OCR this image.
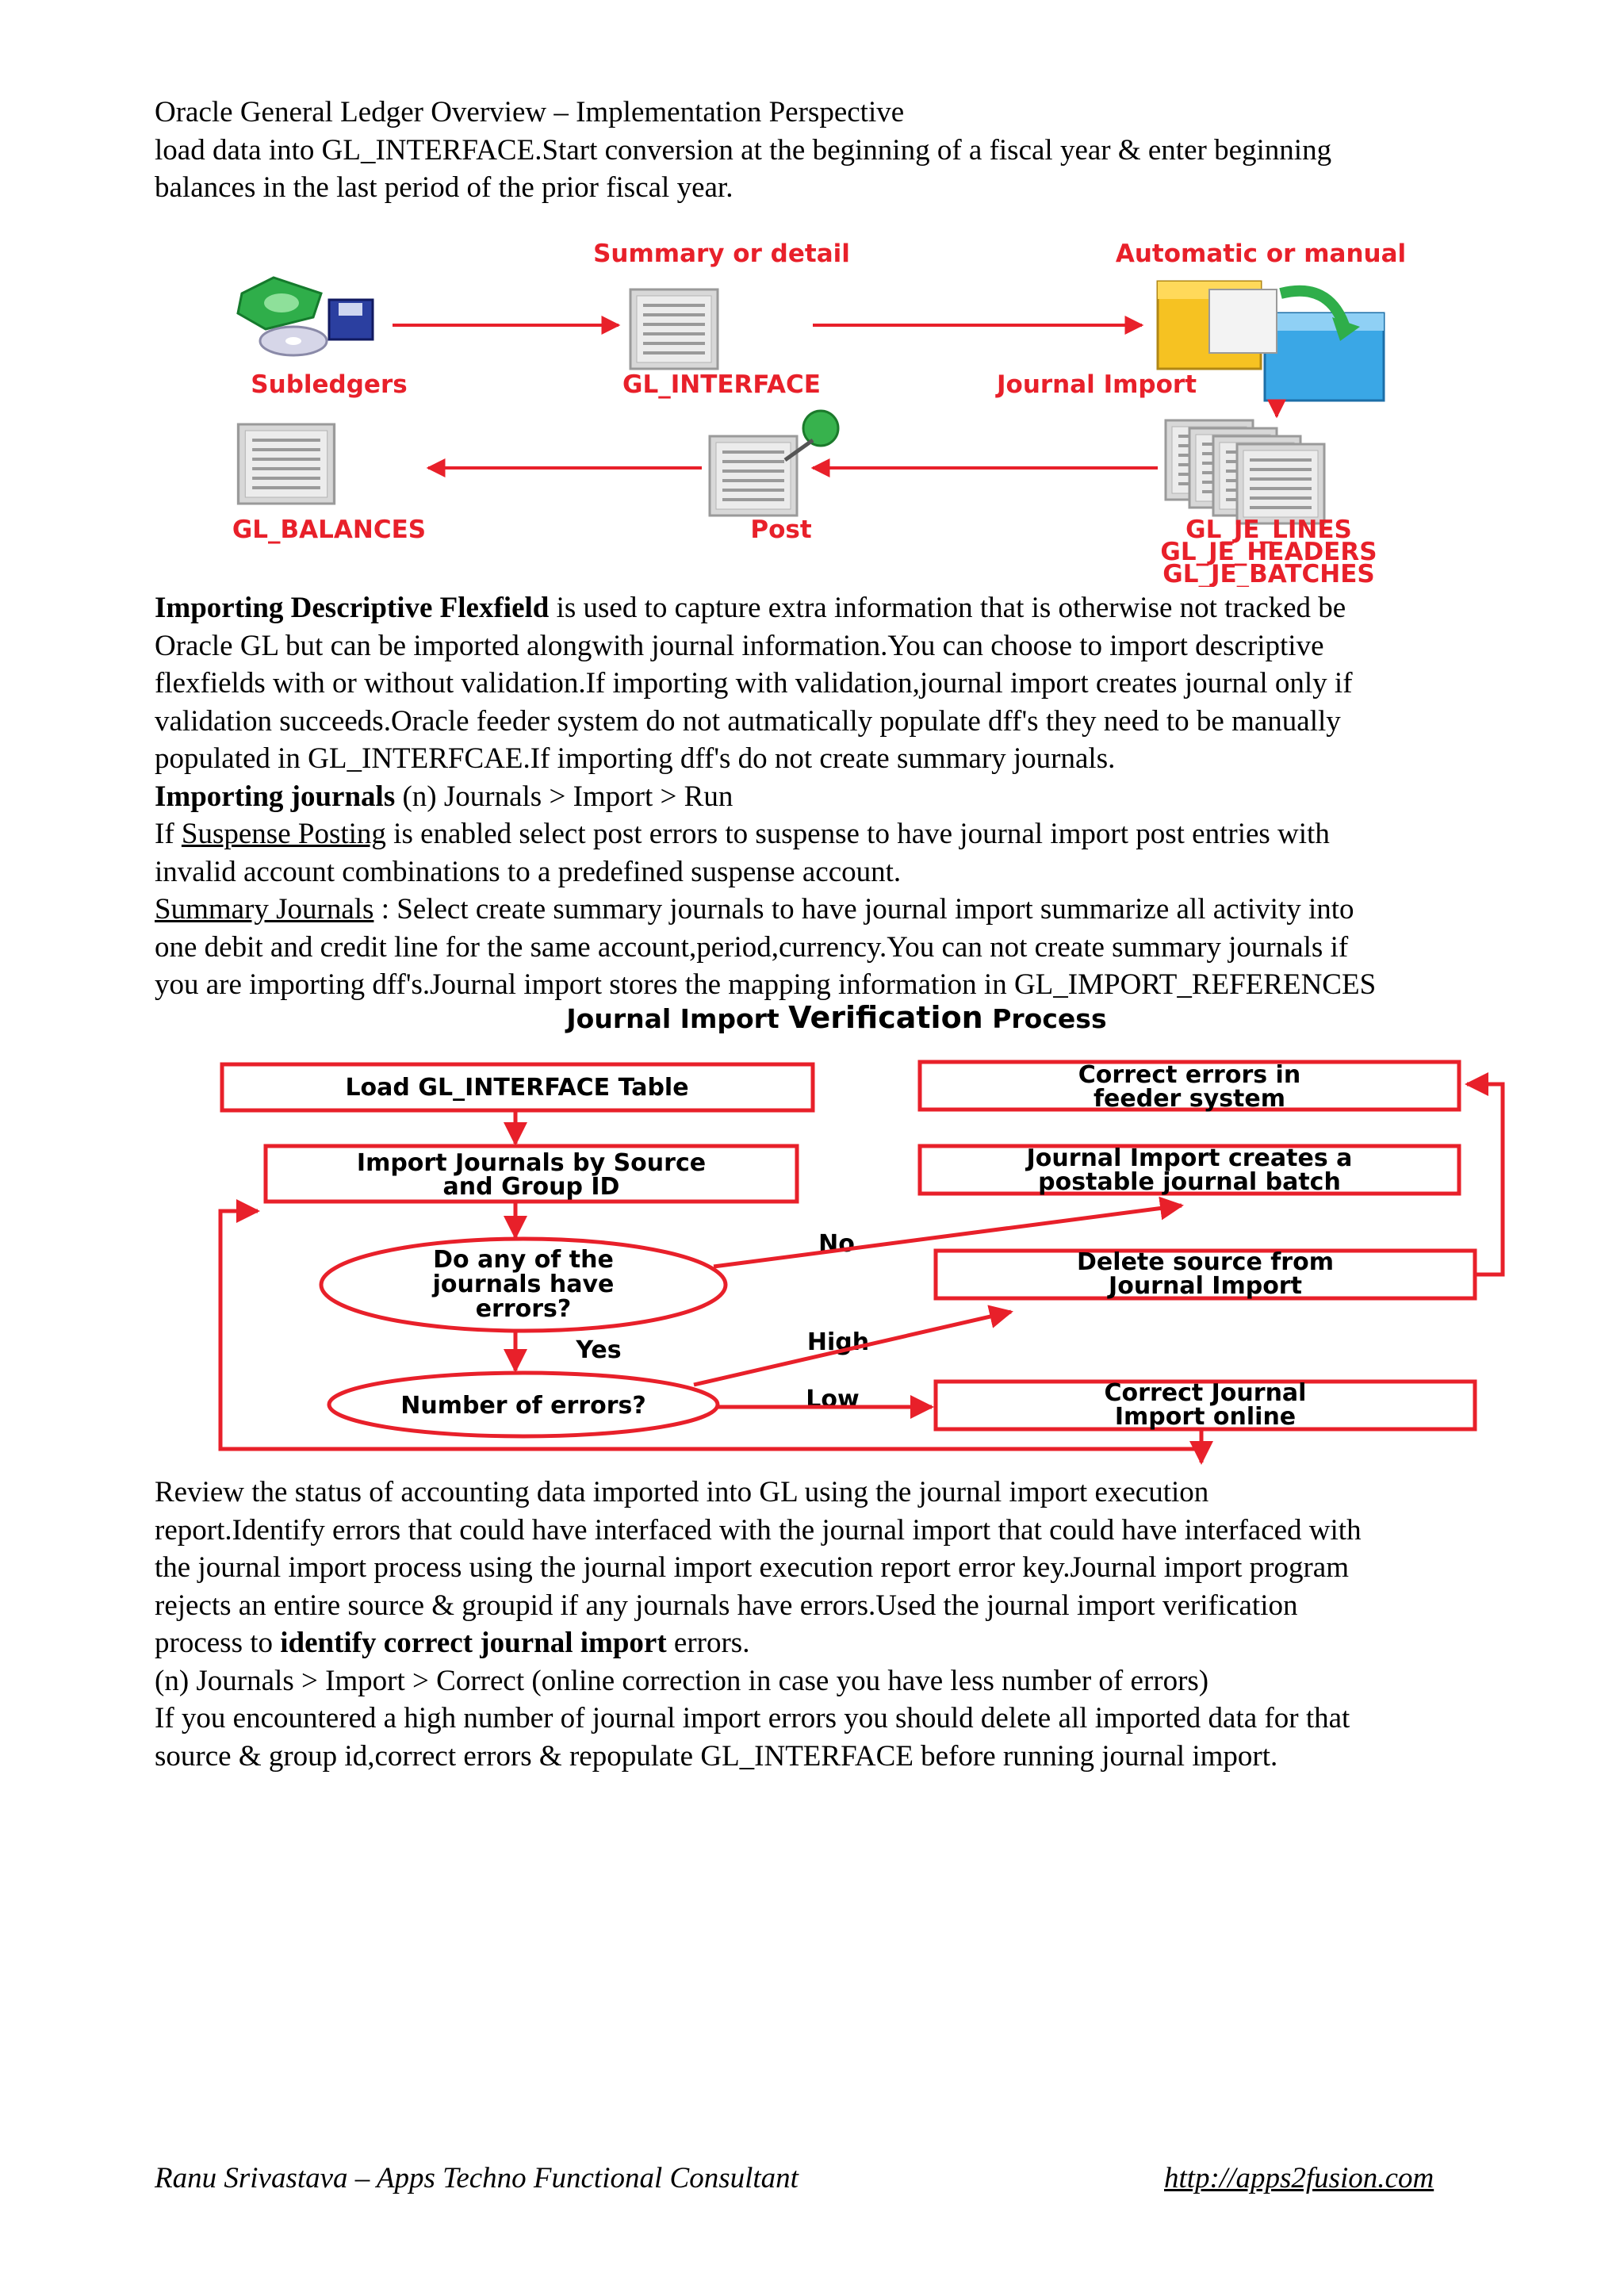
Oracle General Ledger Overview – Implementation Perspective

load data into GL_INTERFACE.Start conversion at the beginning of a fiscal year & enter beginning

balances in the last period of the prior fiscal year.

Summary or detail	Automatic or manual
Subledgers	GL_INTERFACE	Journal Import
GL_BALANCES	Post	GL_JE_LINES
GL_JE_HEADERS
GL_JE_BATCHES

Importing Descriptive Flexfield is used to capture extra information that is otherwise not tracked be

Oracle GL but can be imported alongwith journal information.You can choose to import descriptive

flexfields with or without validation.If importing with validation,journal import creates journal only if

validation succeeds.Oracle feeder system do not autmatically populate dff's they need to be manually

populated in GL_INTERFCAE.If importing dff's do not create summary journals.

Importing journals (n) Journals > Import > Run

If Suspense Posting is enabled select post errors to suspense to have journal import post entries with

invalid account combinations to a predefined suspense account.

Summary Journals : Select create summary journals to have journal import summarize all activity into

one debit and credit line for the same account,period,currency.You can not create summary journals if

you are importing dff's.Journal import stores the mapping information in GL_IMPORT_REFERENCES

Journal Import Verification Process
Load GL_INTERFACE Table
Import Journals by Source
and Group ID
Do any of the
journals have
errors?
Number of errors?
Correct errors in
feeder system
Journal Import creates a
postable journal batch
Delete source from
Journal Import
Correct Journal
Import online
Yes
No
High
Low

Review the status of accounting data imported into GL using the journal import execution

report.Identify errors that could have interfaced with the journal import that could have interfaced with

the journal import process using the journal import execution report error key.Journal import program

rejects an entire source & groupid if any journals have errors.Used the journal import verification

process to identify correct journal import errors.

(n) Journals > Import > Correct (online correction in case you have less number of errors)

If you encountered a high number of journal import errors you should delete all imported data for that

source & group id,correct errors & repopulate GL_INTERFACE before running journal import.

Ranu Srivastava – Apps Techno Functional Consultant	http://apps2fusion.com
